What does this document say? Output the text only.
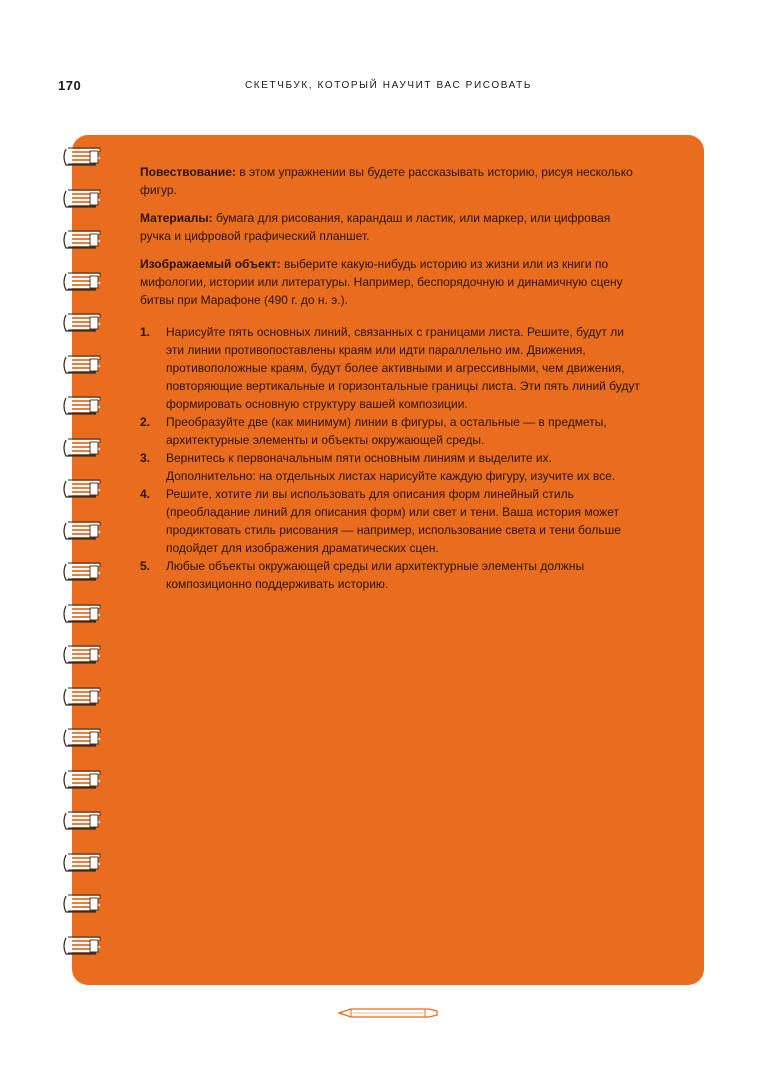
170	СКЕТЧБУК, КОТОРЫЙ НАУЧИТ ВАС РИСОВАТЬ

Повествование: в этом упражнении вы будете рассказывать историю, рисуя несколько фигур.

Материалы: бумага для рисования, карандаш и ластик, или маркер, или цифровая ручка и цифровой графический планшет.

Изображаемый объект: выберите какую-нибудь историю из жизни или из книги по мифологии, истории или литературы. Например, беспорядочную и динамичную сцену битвы при Марафоне (490 г. до н. э.).

1. Нарисуйте пять основных линий, связанных с границами листа. Решите, будут ли эти линии противопоставлены краям или идти параллельно им. Движения, противоположные краям, будут более активными и агрессивными, чем движения, повторяющие вертикальные и горизонтальные границы листа. Эти пять линий будут формировать основную структуру вашей композиции.
2. Преобразуйте две (как минимум) линии в фигуры, а остальные — в предметы, архитектурные элементы и объекты окружающей среды.
3. Вернитесь к первоначальным пяти основным линиям и выделите их. Дополнительно: на отдельных листах нарисуйте каждую фигуру, изучите их все.
4. Решите, хотите ли вы использовать для описания форм линейный стиль (преобладание линий для описания форм) или свет и тени. Ваша история может продиктовать стиль рисования — например, использование света и тени больше подойдет для изображения драматических сцен.
5. Любые объекты окружающей среды или архитектурные элементы должны композиционно поддерживать историю.
